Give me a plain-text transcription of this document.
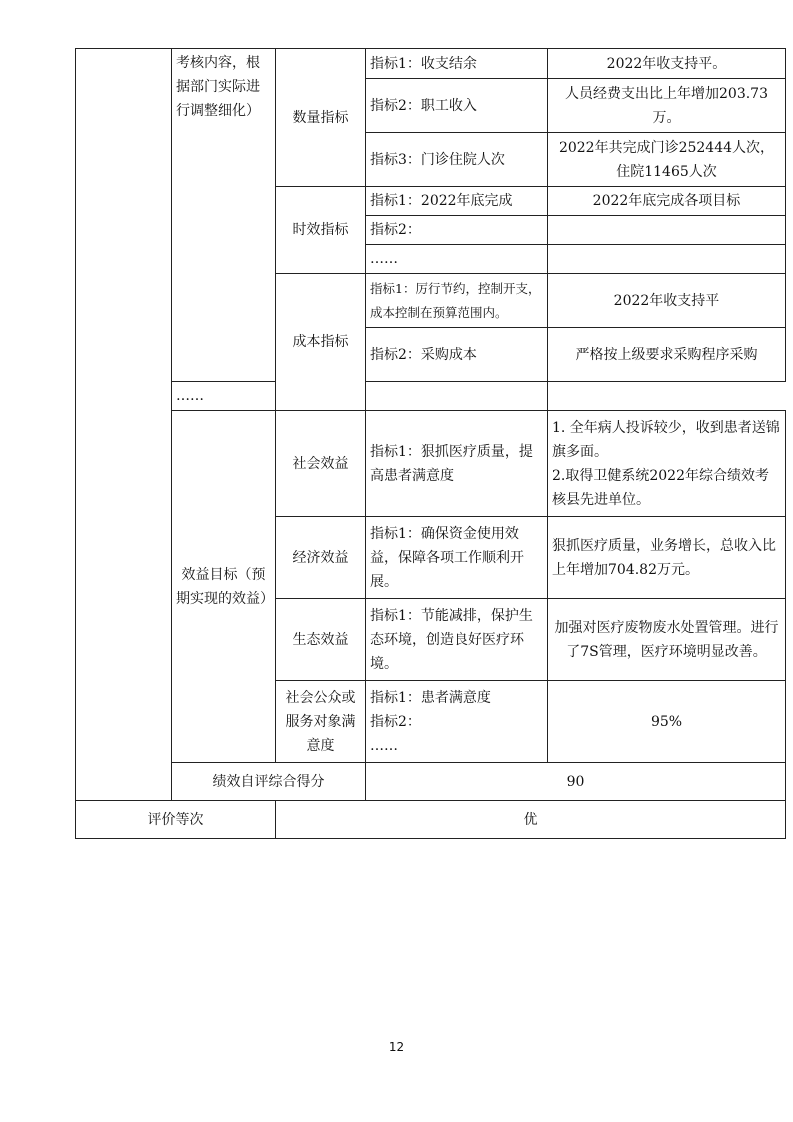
	考核内容，根据部门实际进行调整细化）	数量指标	指标1：收支结余	2022年收支持平。
			指标2：职工收入	人员经费支出比上年增加203.73万。
			指标3：门诊住院人次	2022年共完成门诊252444人次，住院11465人次
		时效指标	指标1：2022年底完成	2022年底完成各项目标
			指标2：	
			……	
		成本指标	指标1：厉行节约，控制开支，成本控制在预算范围内。	2022年收支持平
			指标2：采购成本	严格按上级要求采购程序采购
	……			
	效益目标（预期实现的效益）	社会效益	指标1：狠抓医疗质量，提高患者满意度	1. 全年病人投诉较少，收到患者送锦旗多面。
2.取得卫健系统2022年综合绩效考核县先进单位。

		经济效益	指标1：确保资金使用效益，保障各项工作顺利开展。	狠抓医疗质量，业务增长，总收入比上年增加704.82万元。
		生态效益	指标1：节能减排，保护生态环境，创造良好医疗环境。	加强对医疗废物废水处置管理。进行了7S管理，医疗环境明显改善。
		社会公众或服务对象满意度	指标1：患者满意度
指标2：
……	95%
	绩效自评综合得分		90	
评价等次		优		
12
